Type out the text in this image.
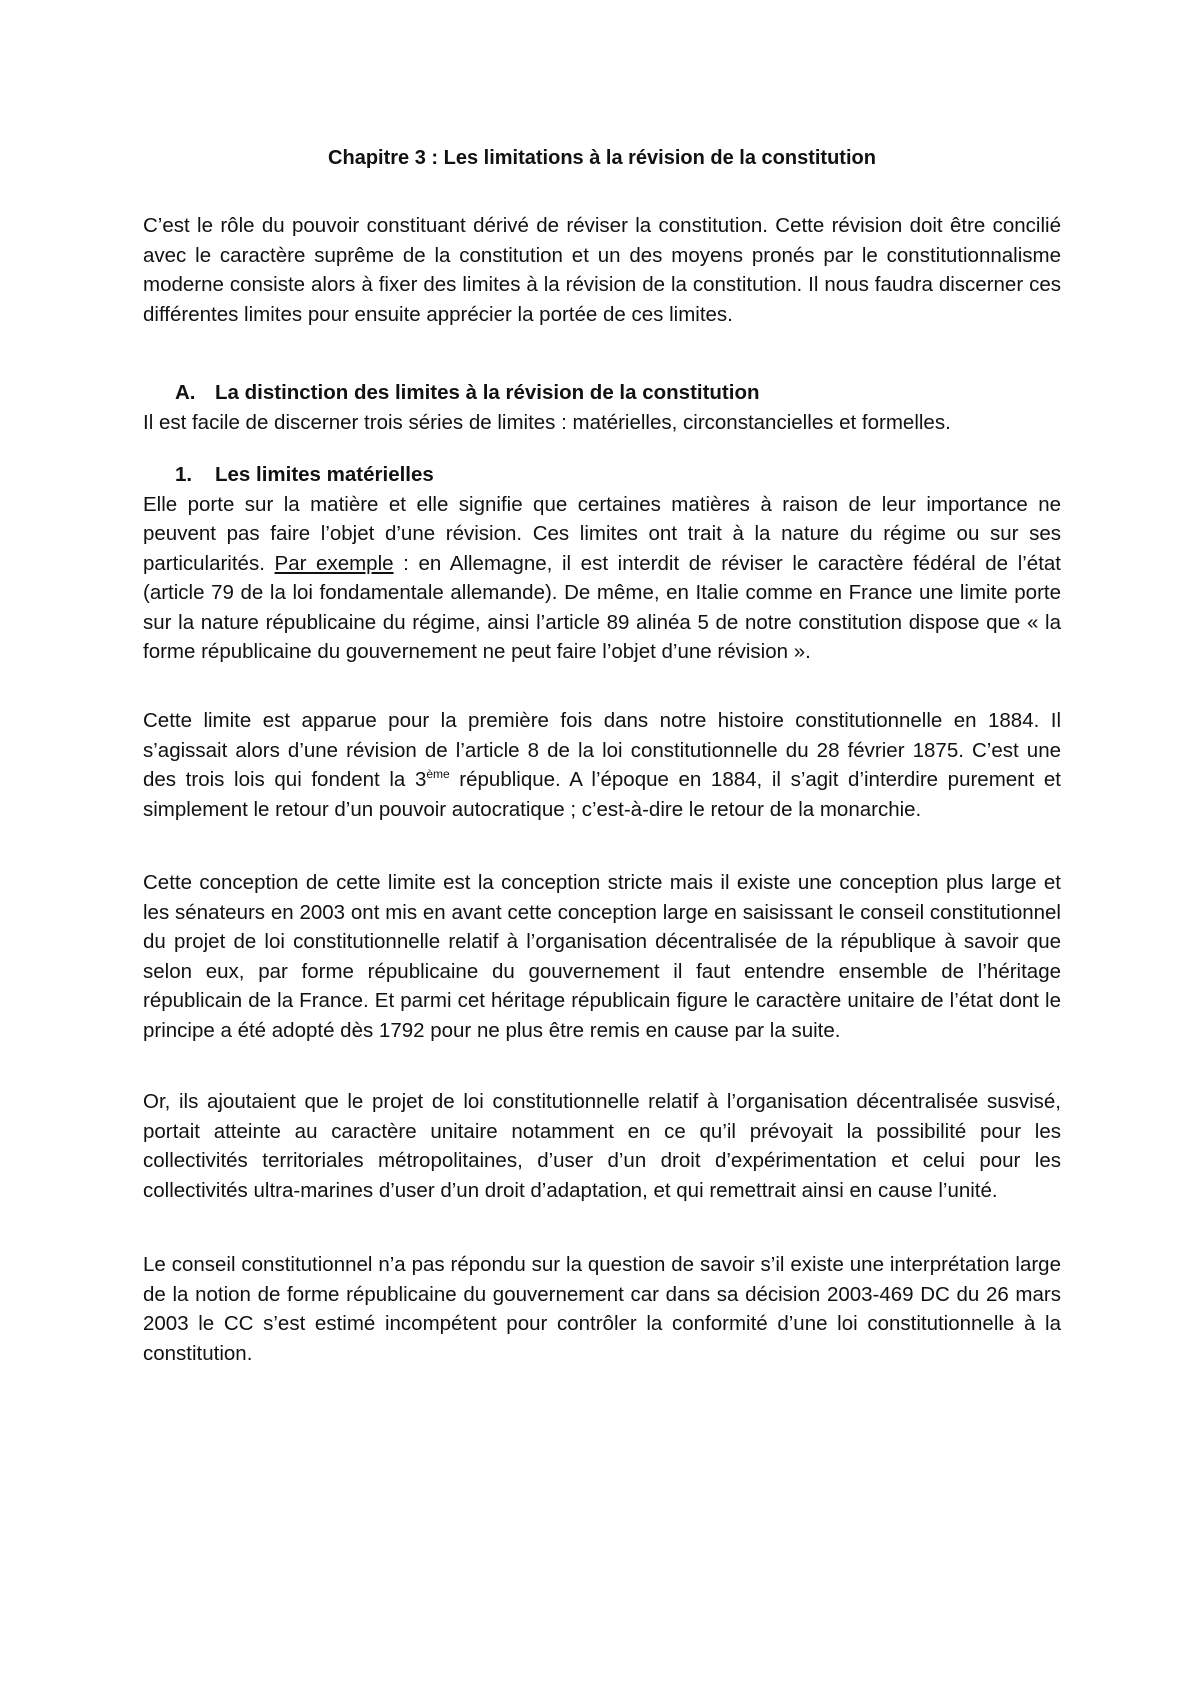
Chapitre 3 : Les limitations à la révision de la constitution

C’est le rôle du pouvoir constituant dérivé de réviser la constitution. Cette révision doit être concilié avec le caractère suprême de la constitution et un des moyens pronés par le constitutionnalisme moderne consiste alors à fixer des limites à la révision de la constitution. Il nous faudra discerner ces différentes limites pour ensuite apprécier la portée de ces limites.

A. La distinction des limites à la révision de la constitution

Il est facile de discerner trois séries de limites : matérielles, circonstancielles et formelles.

1. Les limites matérielles

Elle porte sur la matière et elle signifie que certaines matières à raison de leur importance ne peuvent pas faire l’objet d’une révision. Ces limites ont trait à la nature du régime ou sur ses particularités. Par exemple : en Allemagne, il est interdit de réviser le caractère fédéral de l’état (article 79 de la loi fondamentale allemande). De même, en Italie comme en France une limite porte sur la nature républicaine du régime, ainsi l’article 89 alinéa 5 de notre constitution dispose que « la forme républicaine du gouvernement ne peut faire l’objet d’une révision ».

Cette limite est apparue pour la première fois dans notre histoire constitutionnelle en 1884. Il s’agissait alors d’une révision de l’article 8 de la loi constitutionnelle du 28 février 1875. C’est une des trois lois qui fondent la 3ème république. A l’époque en 1884, il s’agit d’interdire purement et simplement le retour d’un pouvoir autocratique ; c’est-à-dire le retour de la monarchie.

Cette conception de cette limite est la conception stricte mais il existe une conception plus large et les sénateurs en 2003 ont mis en avant cette conception large en saisissant le conseil constitutionnel du projet de loi constitutionnelle relatif à l’organisation décentralisée de la république à savoir que selon eux, par forme républicaine du gouvernement il faut entendre ensemble de l’héritage républicain de la France. Et parmi cet héritage républicain figure le caractère unitaire de l’état dont le principe a été adopté dès 1792 pour ne plus être remis en cause par la suite.

Or, ils ajoutaient que le projet de loi constitutionnelle relatif à l’organisation décentralisée susvisé, portait atteinte au caractère unitaire notamment en ce qu’il prévoyait la possibilité pour les collectivités territoriales métropolitaines, d’user d’un droit d’expérimentation et celui pour les collectivités ultra-marines d’user d’un droit d’adaptation, et qui remettrait ainsi en cause l’unité.

Le conseil constitutionnel n’a pas répondu sur la question de savoir s’il existe une interprétation large de la notion de forme républicaine du gouvernement car dans sa décision 2003-469 DC du 26 mars 2003 le CC s’est estimé incompétent pour contrôler la conformité d’une loi constitutionnelle à la constitution.
